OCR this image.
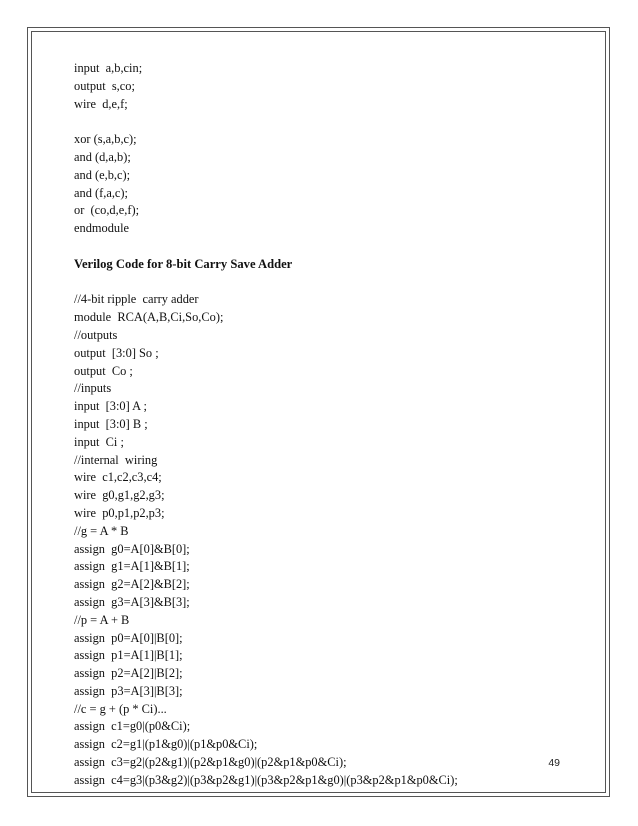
input  a,b,cin;
output  s,co;
wire  d,e,f;
xor (s,a,b,c);
and (d,a,b);
and (e,b,c);
and (f,a,c);
or  (co,d,e,f);
endmodule
Verilog Code for 8-bit Carry Save Adder
//4-bit ripple  carry adder
module  RCA(A,B,Ci,So,Co);
//outputs
output  [3:0] So ;
output  Co ;
//inputs
input  [3:0] A ;
input  [3:0] B ;
input  Ci ;
//internal  wiring
wire  c1,c2,c3,c4;
wire  g0,g1,g2,g3;
wire  p0,p1,p2,p3;
//g = A * B
assign  g0=A[0]&B[0];
assign  g1=A[1]&B[1];
assign  g2=A[2]&B[2];
assign  g3=A[3]&B[3];
//p = A + B
assign  p0=A[0]|B[0];
assign  p1=A[1]|B[1];
assign  p2=A[2]|B[2];
assign  p3=A[3]|B[3];
//c = g + (p * Ci)...
assign  c1=g0|(p0&Ci);
assign  c2=g1|(p1&g0)|(p1&p0&Ci);
assign  c3=g2|(p2&g1)|(p2&p1&g0)|(p2&p1&p0&Ci);
assign  c4=g3|(p3&g2)|(p3&p2&g1)|(p3&p2&p1&g0)|(p3&p2&p1&p0&Ci);
49
